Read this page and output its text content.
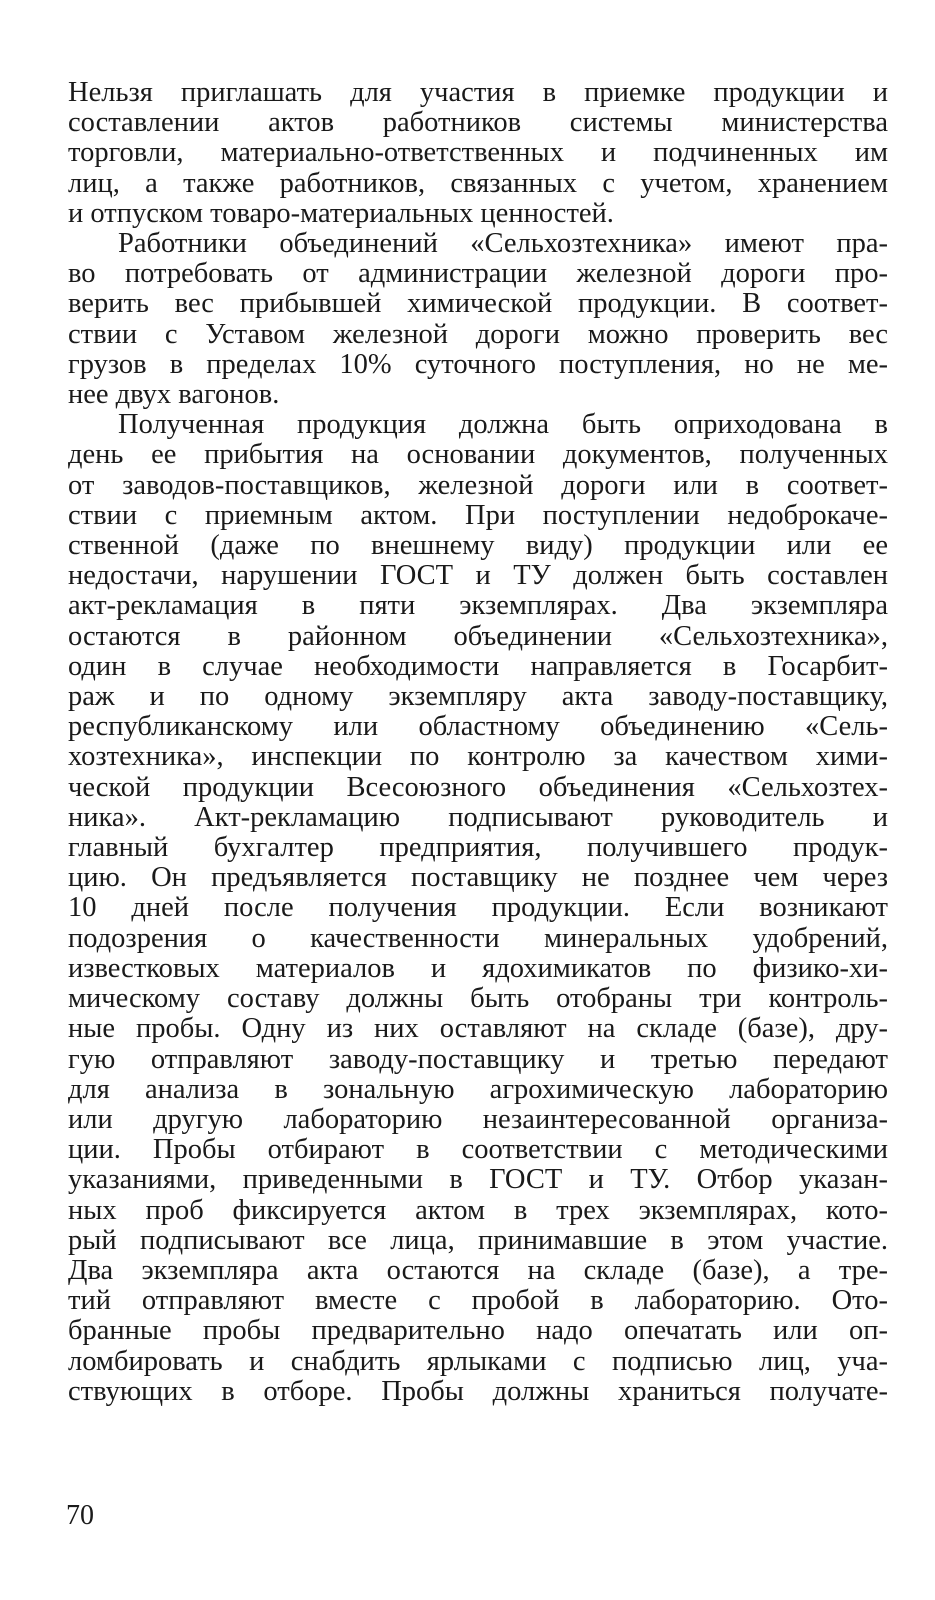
Нельзя приглашать для участия в приемке продукции и
составлении актов работников системы министерства
торговли, материально-ответственных и подчиненных им
лиц, а также работников, связанных с учетом, хранением
и отпуском товаро-материальных ценностей.
Работники объединений «Сельхозтехника» имеют пра-
во потребовать от администрации железной дороги про-
верить вес прибывшей химической продукции. В соответ-
ствии с Уставом железной дороги можно проверить вес
грузов в пределах 10% суточного поступления, но не ме-
нее двух вагонов.
Полученная продукция должна быть оприходована в
день ее прибытия на основании документов, полученных
от заводов-поставщиков, железной дороги или в соответ-
ствии с приемным актом. При поступлении недоброкаче-
ственной (даже по внешнему виду) продукции или ее
недостачи, нарушении ГОСТ и ТУ должен быть составлен
акт-рекламация в пяти экземплярах. Два экземпляра
остаются в районном объединении «Сельхозтехника»,
один в случае необходимости направляется в Госарбит-
раж и по одному экземпляру акта заводу-поставщику,
республиканскому или областному объединению «Сель-
хозтехника», инспекции по контролю за качеством хими-
ческой продукции Всесоюзного объединения «Сельхозтех-
ника». Акт-рекламацию подписывают руководитель и
главный бухгалтер предприятия, получившего продук-
цию. Он предъявляется поставщику не позднее чем через
10 дней после получения продукции. Если возникают
подозрения о качественности минеральных удобрений,
известковых материалов и ядохимикатов по физико-хи-
мическому составу должны быть отобраны три контроль-
ные пробы. Одну из них оставляют на складе (базе), дру-
гую отправляют заводу-поставщику и третью передают
для анализа в зональную агрохимическую лабораторию
или другую лабораторию незаинтересованной организа-
ции. Пробы отбирают в соответствии с методическими
указаниями, приведенными в ГОСТ и ТУ. Отбор указан-
ных проб фиксируется актом в трех экземплярах, кото-
рый подписывают все лица, принимавшие в этом участие.
Два экземпляра акта остаются на складе (базе), а тре-
тий отправляют вместе с пробой в лабораторию. Ото-
бранные пробы предварительно надо опечатать или оп-
ломбировать и снабдить ярлыками с подписью лиц, уча-
ствующих в отборе. Пробы должны храниться получате-
70
